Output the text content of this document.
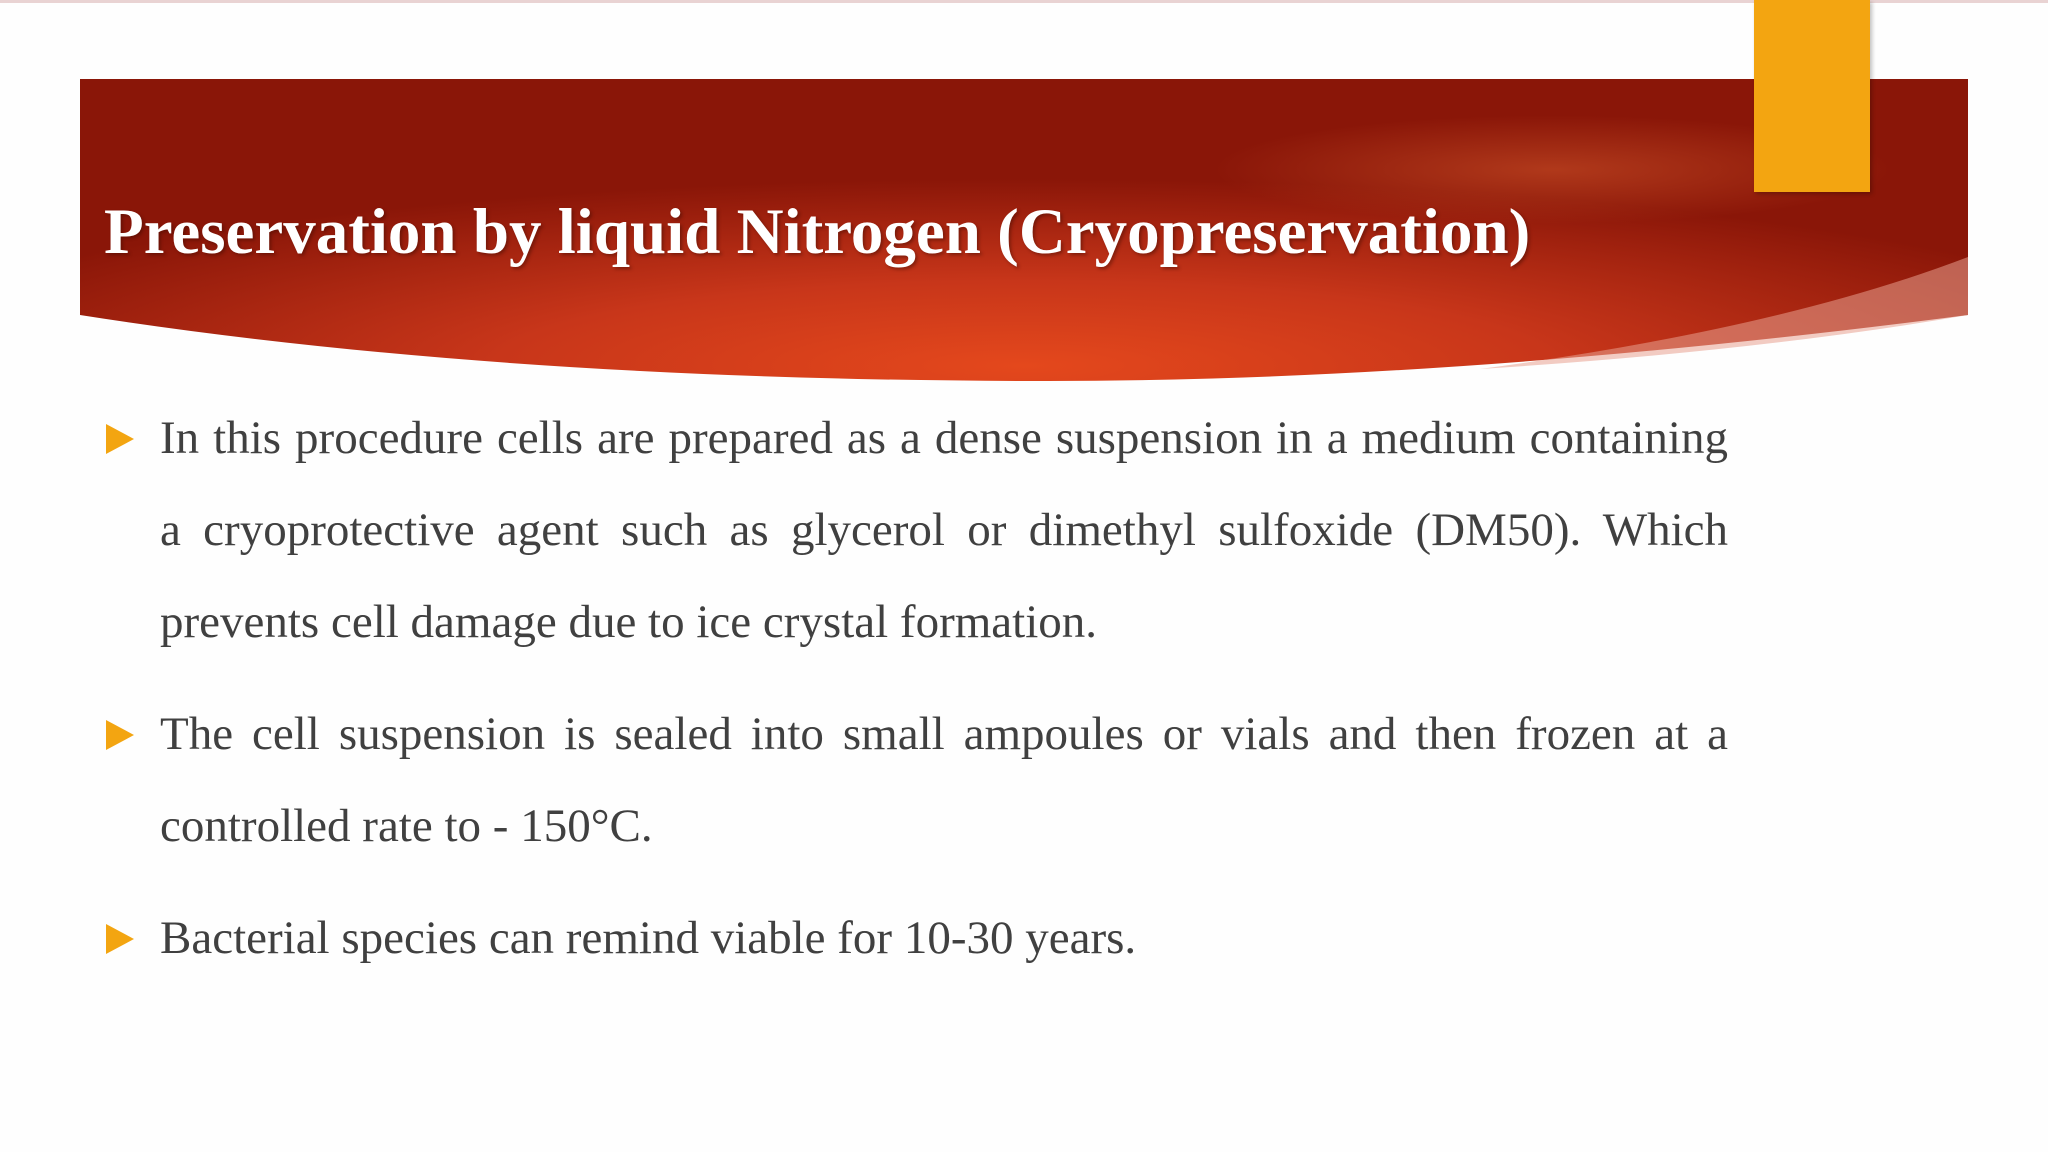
Preservation by liquid Nitrogen (Cryopreservation)
In this procedure cells are prepared as a dense suspension in a medium containing a cryoprotective agent such as glycerol or dimethyl sulfoxide (DM50). Which prevents cell damage due to ice crystal formation.
The cell suspension is sealed into small ampoules or vials and then frozen at a controlled rate to - 150°C.
Bacterial species can remind viable for 10-30 years.
